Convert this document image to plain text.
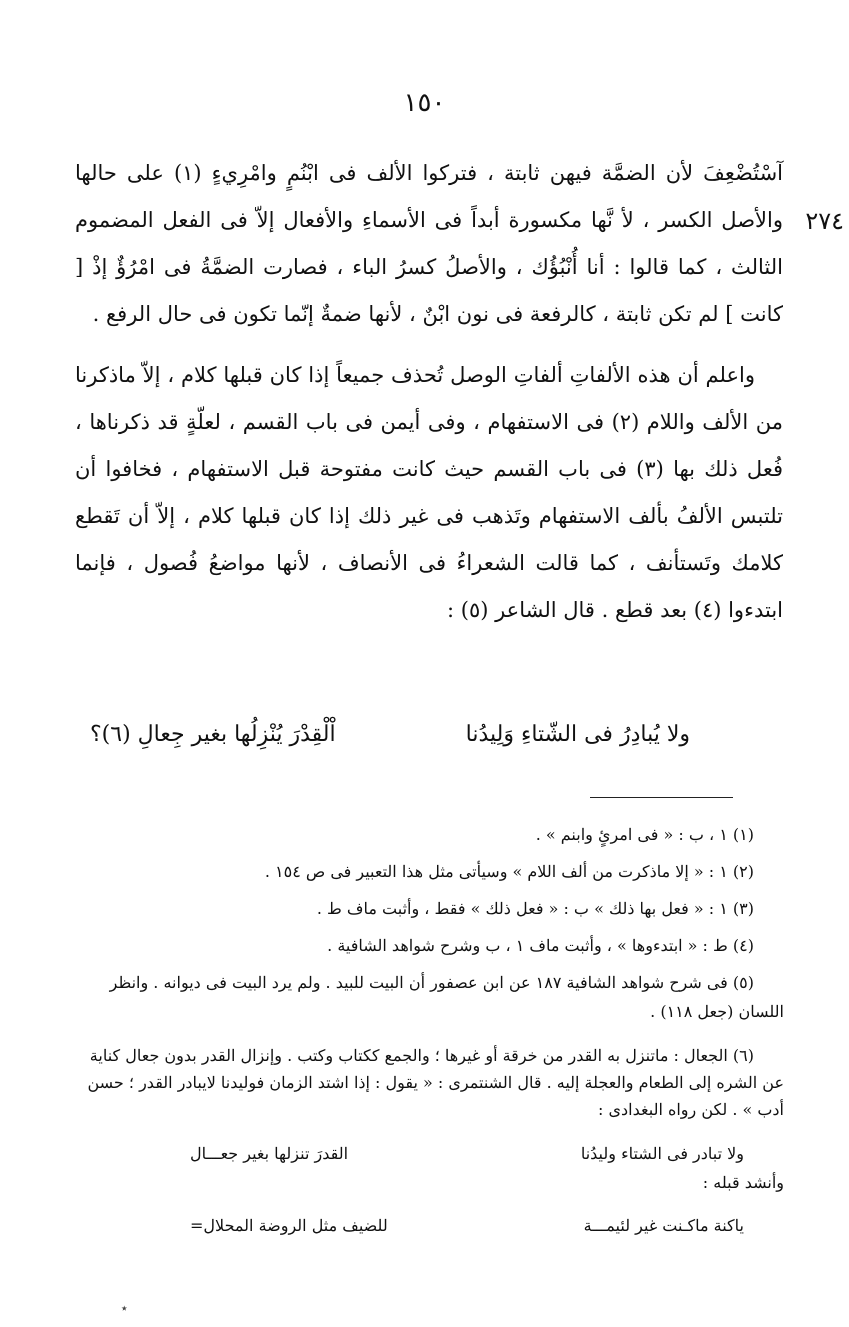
١٥٠
٢٧٤

آسْتُضْعِفَ لأن الضمَّة فيهن ثابتة ، فتركوا الألف فى ابْنُمٍ وامْرِيءٍ (١) على حالها والأصل الكسر ، لأ نَّها مكسورة أبداً فى الأسماءِ والأفعال إلاّ فى الفعل المضموم الثالث ، كما قالوا : أنا أُنْبُؤُك ، والأصلُ كسرُ الباء ، فصارت الضمَّةُ فى امْرُؤٌ إذْ [ كانت ] لم تكن ثابتة ، كالرفعة فى نون ابْنٌ ، لأنها ضمةٌ إنّما تكون فى حال الرفع .

واعلم أن هذه الألفاتِ ألفاتِ الوصل تُحذف جميعاً إذا كان قبلها كلام ، إلاّ ماذكرنا من الألف واللام (٢) فى الاستفهام ، وفى أيمن فى باب القسم ، لعلّةٍ قد ذكرناها ، فُعل ذلك بها (٣) فى باب القسم حيث كانت مفتوحة قبل الاستفهام ، فخافوا أن تلتبس الألفُ بألف الاستفهام وتَذهب فى غير ذلك إذا كان قبلها كلام ، إلاّ أن تَقطع كلامك وتَستأنف ، كما قالت الشعراءُ فى الأنصاف ، لأنها مواضعُ فُصول ، فإنما ابتدءوا (٤) بعد قطع . قال الشاعر (٥) :

ولا يُبادِرُ فى الشّتاءِ وَلِيدُنا
اْلْقِدْرَ يُنْزِلُها بغير جِعالِ (٦)؟

(١) ١ ، ب : « فى امرئٍ وابنم » .

(٢) ١ : « إلا ماذكرت من ألف اللام » وسيأتى مثل هذا التعبير فى ص ١٥٤ .

(٣) ١ : « فعل بها ذلك » ب : « فعل ذلك » فقط ، وأثبت ماف ط .

(٤) ط : « ابتدءوها » ، وأثبت ماف ١ ، ب وشرح شواهد الشافية .

(٥) فى شرح شواهد الشافية ١٨٧ عن ابن عصفور أن البيت للبيد . ولم يرد البيت فى ديوانه . وانظر اللسان (جعل ١١٨) .

(٦) الجعال : ماتنزل به القدر من خرقة أو غيرها ؛ والجمع ككتاب وكتب . وإنزال القدر بدون جعال كناية عن الشره إلى الطعام والعجلة إليه . قال الشنتمرى : « يقول : إذا اشتد الزمان فوليدنا لايبادر القدر ؛ حسن أدب » . لكن رواه البغدادى :

ولا تبادر فى الشتاء وليدُنا
القدرَ تنزلها بغير جعـــال
وأنشد قبله :
ياكنة ماكـنت غير لئيمـــة
للضيف مثل الروضة المحلال=
٭
